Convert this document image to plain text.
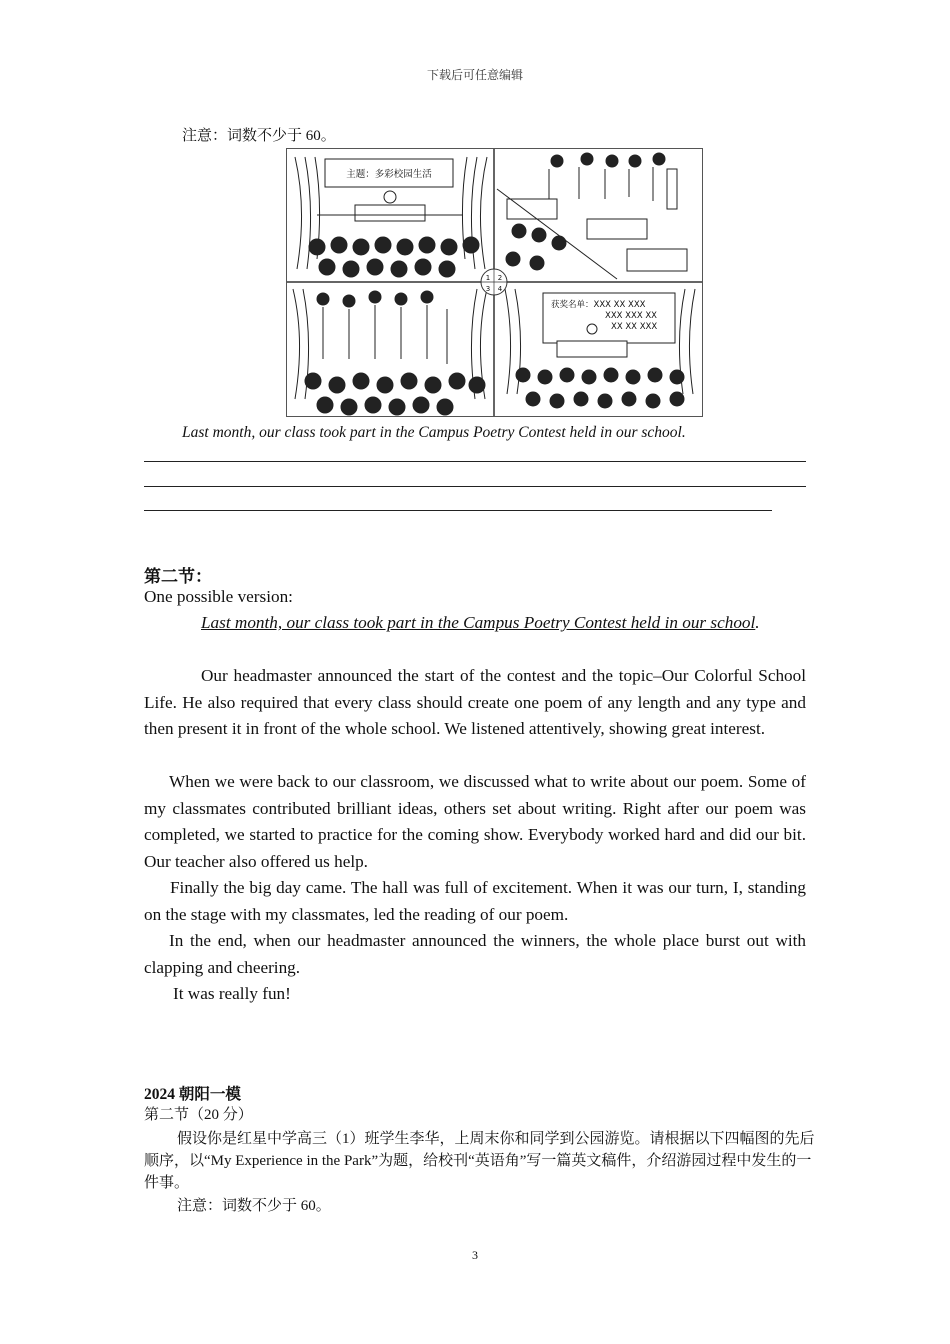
下载后可任意编辑
注意：词数不少于 60。
主题：多彩校园生活
获奖名单：XXX XX XXX
XXX XXX XX
XX XX XXX
1 2
3 4
Last month, our class took part in the Campus Poetry Contest held in our school.
第二节：
One possible version:
Last month, our class took part in the Campus Poetry Contest held in our school.
Our headmaster announced the start of the contest and the topic–Our Colorful School Life. He also required that every class should create one poem of any length and any type and then present it in front of the whole school. We listened attentively, showing great interest.
When we were back to our classroom, we discussed what to write about our poem. Some of my classmates contributed brilliant ideas, others set about writing. Right after our poem was completed, we started to practice for the coming show. Everybody worked hard and did our bit. Our teacher also offered us help.
Finally the big day came. The hall was full of excitement. When it was our turn, I, standing on the stage with my classmates, led the reading of our poem.
In the end, when our headmaster announced the winners, the whole place burst out with clapping and cheering.
It was really fun!
2024 朝阳一模
第二节（20 分）
假设你是红星中学高三（1）班学生李华，上周末你和同学到公园游览。请根据以下四幅图的先后顺序，以“My Experience in the Park”为题，给校刊“英语角”写一篇英文稿件，介绍游园过程中发生的一件事。
注意：词数不少于 60。
3
